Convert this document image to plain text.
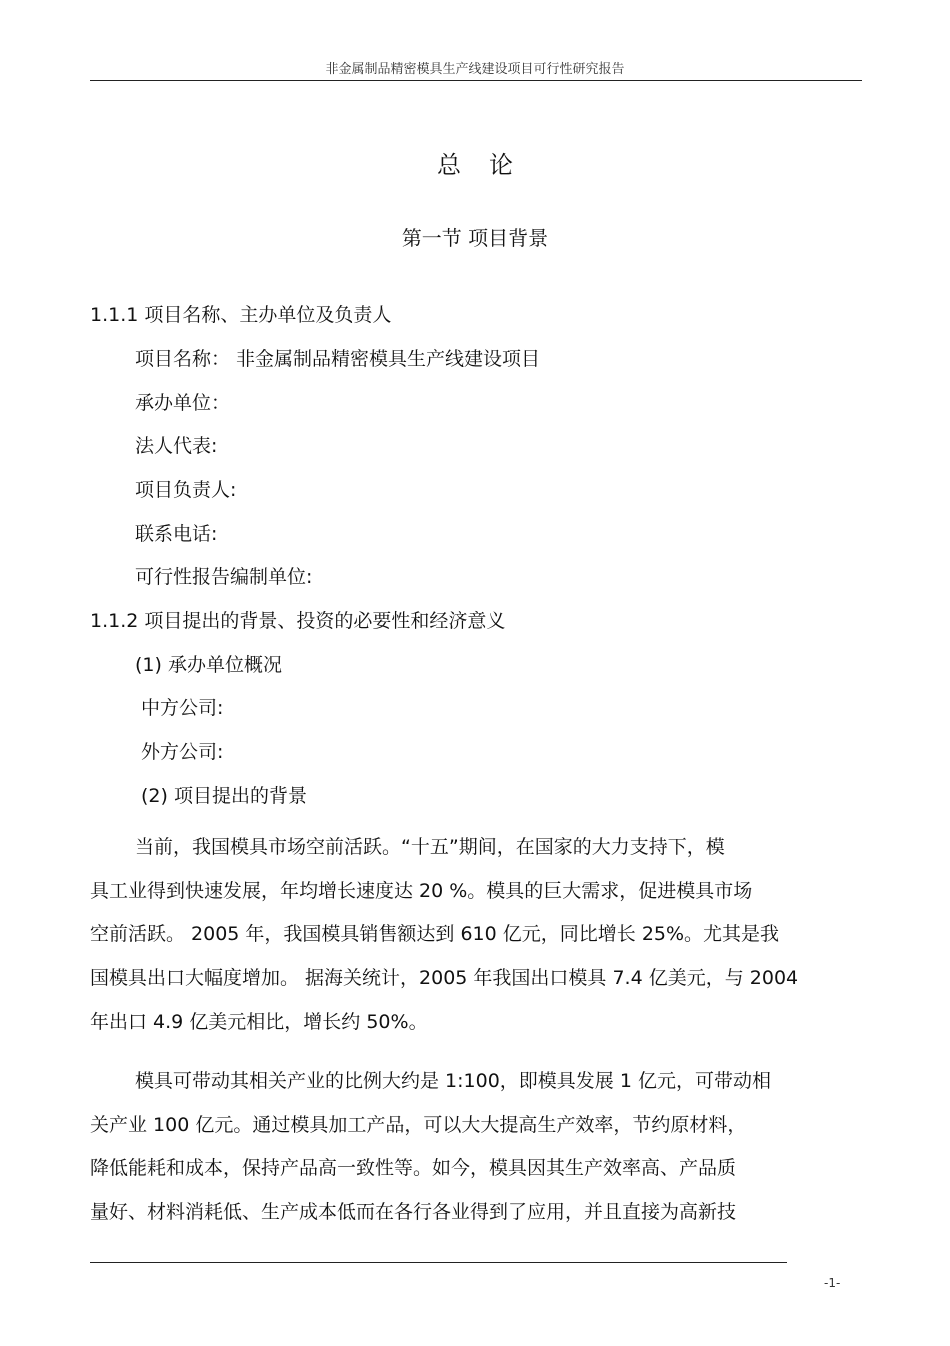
非金属制品精密模具生产线建设项目可行性研究报告
总论
第一节 项目背景
1.1.1 项目名称、主办单位及负责人
项目名称： 非金属制品精密模具生产线建设项目
承办单位：
法人代表:
项目负责人:
联系电话:
可行性报告编制单位:
1.1.2 项目提出的背景、投资的必要性和经济意义
(1) 承办单位概况
中方公司:
外方公司:
(2) 项目提出的背景
当前，我国模具市场空前活跃。“十五”期间，在国家的大力支持下，模
具工业得到快速发展，年均增长速度达 20 %。模具的巨大需求，促进模具市场
空前活跃。 2005 年，我国模具销售额达到 610 亿元，同比增长 25%。尤其是我
国模具出口大幅度增加。 据海关统计，2005 年我国出口模具 7.4 亿美元，与 2004
年出口 4.9 亿美元相比，增长约 50%。
模具可带动其相关产业的比例大约是 1:100，即模具发展 1 亿元，可带动相
关产业 100 亿元。通过模具加工产品，可以大大提高生产效率，节约原材料，
降低能耗和成本，保持产品高一致性等。如今，模具因其生产效率高、产品质
量好、材料消耗低、生产成本低而在各行各业得到了应用，并且直接为高新技
-1-
